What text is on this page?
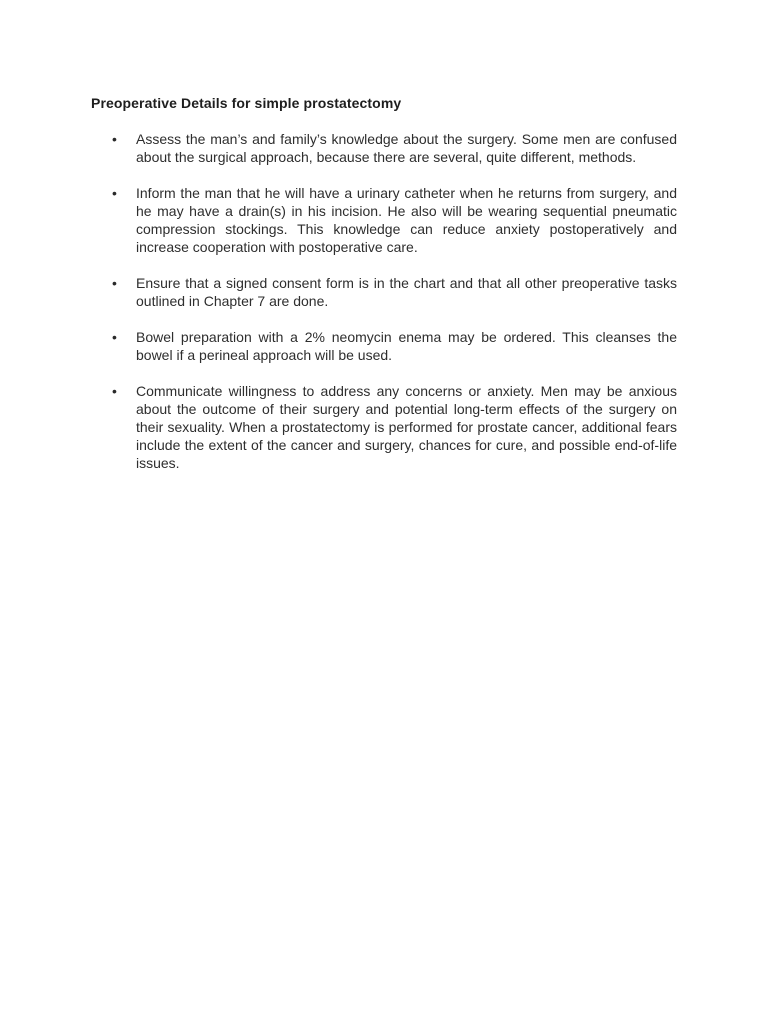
Preoperative Details for simple prostatectomy
• Assess the man’s and family’s knowledge about the surgery. Some men are confused about the surgical approach, because there are several, quite different, methods.

• Inform the man that he will have a urinary catheter when he returns from surgery, and he may have a drain(s) in his incision. He also will be wearing sequential pneumatic compression stockings. This knowledge can reduce anxiety postoperatively and increase cooperation with postoperative care.

• Ensure that a signed consent form is in the chart and that all other preoperative tasks outlined in Chapter 7 are done.

• Bowel preparation with a 2% neomycin enema may be ordered. This cleanses the bowel if a perineal approach will be used.

• Communicate willingness to address any concerns or anxiety. Men may be anxious about the outcome of their surgery and potential long-term effects of the surgery on their sexuality. When a prostatectomy is performed for prostate cancer, additional fears include the extent of the cancer and surgery, chances for cure, and possible end-of-life issues.
